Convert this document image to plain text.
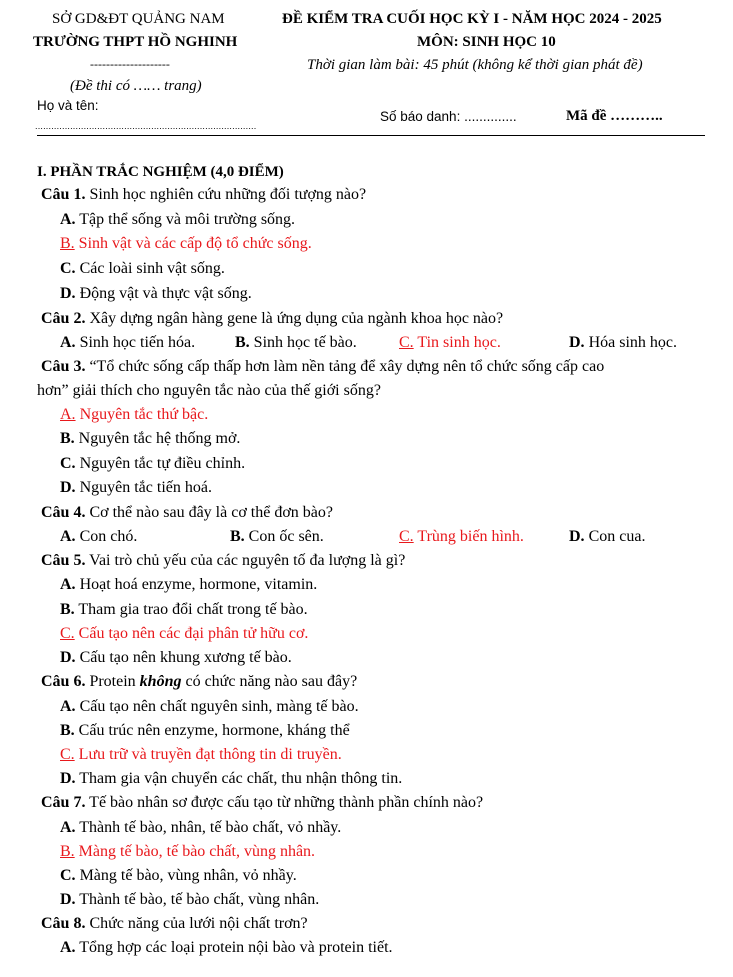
SỞ GD&ĐT QUẢNG NAM
TRƯỜNG THPT HỒ NGHINH
--------------------
(Đề thi có …… trang)
ĐỀ KIỂM TRA CUỐI HỌC KỲ I - NĂM HỌC 2024 - 2025
MÔN: SINH HỌC 10
Thời gian làm bài: 45 phút (không kể thời gian phát đề)
Họ và tên:
..................................................................................
Số báo danh: ..............	Mã đề ………..
I. PHẦN TRẮC NGHIỆM (4,0 ĐIỂM)
Câu 1. Sinh học nghiên cứu những đối tượng nào?
A. Tập thể sống và môi trường sống.
B. Sinh vật và các cấp độ tổ chức sống.
C. Các loài sinh vật sống.
D. Động vật và thực vật sống.
Câu 2. Xây dựng ngân hàng gene là ứng dụng của ngành khoa học nào?
A. Sinh học tiến hóa. B. Sinh học tế bào.	C. Tin sinh học.	D. Hóa sinh học.
Câu 3. “Tổ chức sống cấp thấp hơn làm nền tảng để xây dựng nên tổ chức sống cấp cao
hơn” giải thích cho nguyên tắc nào của thế giới sống?
A. Nguyên tắc thứ bậc.
B. Nguyên tắc hệ thống mở.
C. Nguyên tắc tự điều chỉnh.
D. Nguyên tắc tiến hoá.
Câu 4. Cơ thể nào sau đây là cơ thể đơn bào?
A. Con chó.	B. Con ốc sên.	C. Trùng biến hình.	D. Con cua.
Câu 5. Vai trò chủ yếu của các nguyên tố đa lượng là gì?
A. Hoạt hoá enzyme, hormone, vitamin.
B. Tham gia trao đổi chất trong tế bào.
C. Cấu tạo nên các đại phân tử hữu cơ.
D. Cấu tạo nên khung xương tế bào.
Câu 6. Protein không có chức năng nào sau đây?
A. Cấu tạo nên chất nguyên sinh, màng tế bào.
B. Cấu trúc nên enzyme, hormone, kháng thể
C. Lưu trữ và truyền đạt thông tin di truyền.
D. Tham gia vận chuyển các chất, thu nhận thông tin.
Câu 7. Tế bào nhân sơ được cấu tạo từ những thành phần chính nào?
A. Thành tế bào, nhân, tế bào chất, vỏ nhầy.
B. Màng tế bào, tế bào chất, vùng nhân.
C. Màng tế bào, vùng nhân, vỏ nhầy.
D. Thành tế bào, tế bào chất, vùng nhân.
Câu 8. Chức năng của lưới nội chất trơn?
A. Tổng hợp các loại protein nội bào và protein tiết.
